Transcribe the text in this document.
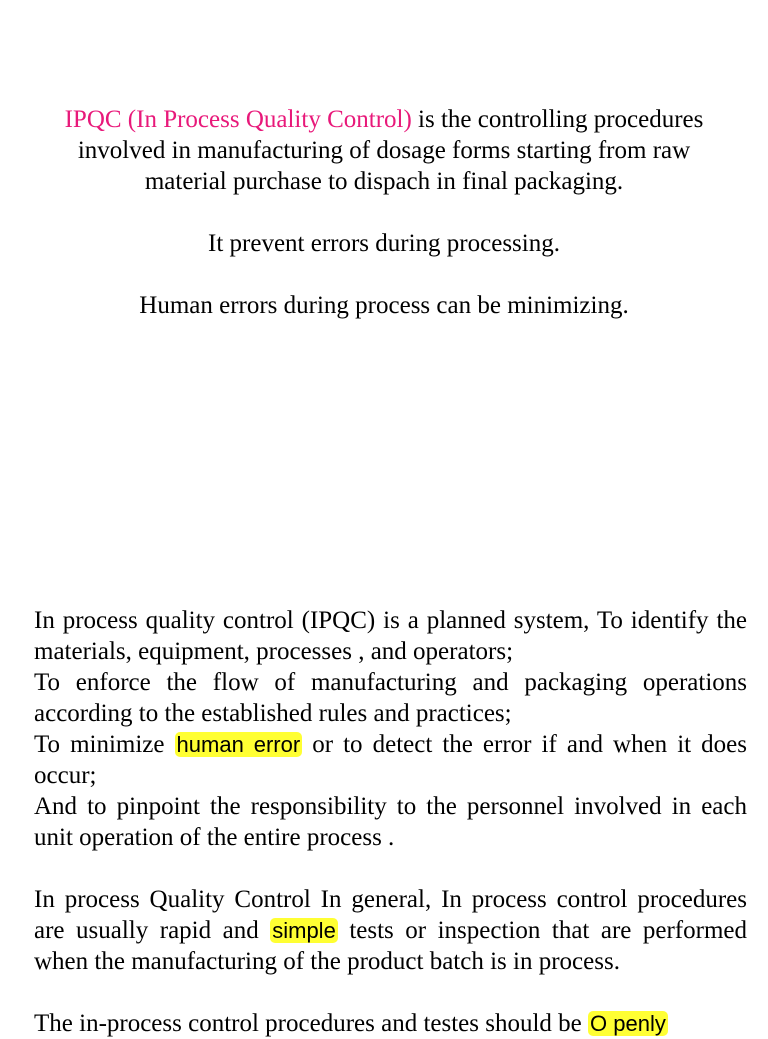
IPQC (In Process Quality Control) is the controlling procedures involved in manufacturing of dosage forms starting from raw material purchase to dispach in final packaging.

It prevent errors during processing.

Human errors during process can be minimizing.

In process quality control (IPQC) is a planned system, To identify the materials, equipment, processes , and operators;

To enforce the flow of manufacturing and packaging operations according to the established rules and practices;

To minimize human error or to detect the error if and when it does occur;

And to pinpoint the responsibility to the personnel involved in each unit operation of the entire process .

In process Quality Control In general, In process control procedures are usually rapid and simple tests or inspection that are performed when the manufacturing of the product batch is in process.

The in-process control procedures and testes should be O penly
